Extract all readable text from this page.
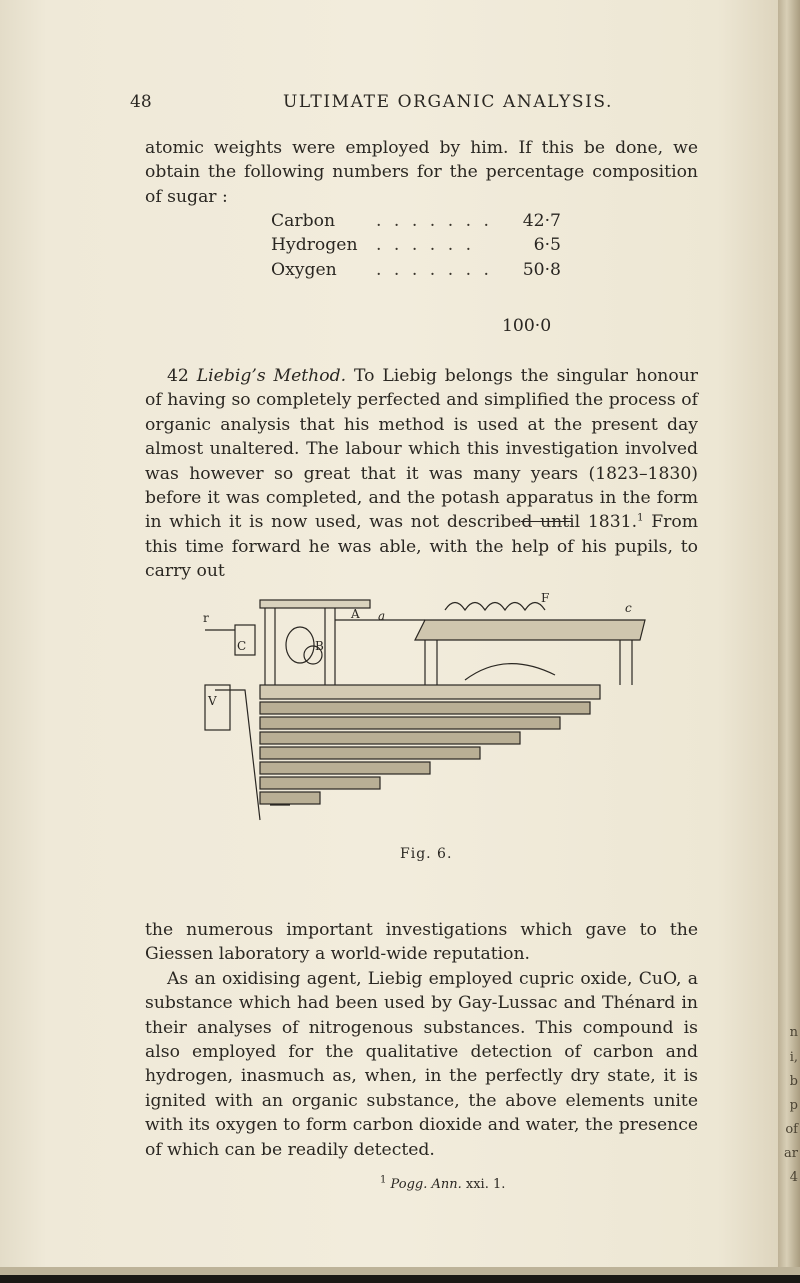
48	ULTIMATE ORGANIC ANALYSIS.

atomic weights were employed by him. If this be done, we obtain the following numbers for the percentage composition of sugar :

Carbon . . . . . . . 42·7
Hydrogen . . . . . .	6·5
Oxygen . . . . . . . 50·8
100·0

42 Liebig’s Method. To Liebig belongs the singular honour of having so completely perfected and simplified the process of organic analysis that his method is used at the present day almost unaltered. The labour which this investigation involved was however so great that it was many years (1823–1830) before it was completed, and the potash apparatus in the form in which it is now used, was not described until 1831.$^1$ From this time forward he was able, with the help of his pupils, to carry out

r
C
A a
B
F
c
V
Fig. 6.

the numerous important investigations which gave to the Giessen laboratory a world-wide reputation.

As an oxidising agent, Liebig employed cupric oxide, CuO, a substance which had been used by Gay-Lussac and Thénard in their analyses of nitrogenous substances. This compound is also employed for the qualitative detection of carbon and hydrogen, inasmuch as, when, in the perfectly dry state, it is ignited with an organic substance, the above elements unite with its oxygen to form carbon dioxide and water, the presence of which can be readily detected.

$^1$ Pogg. Ann. xxi. 1.
n
i,
b
p
of
ar
4
